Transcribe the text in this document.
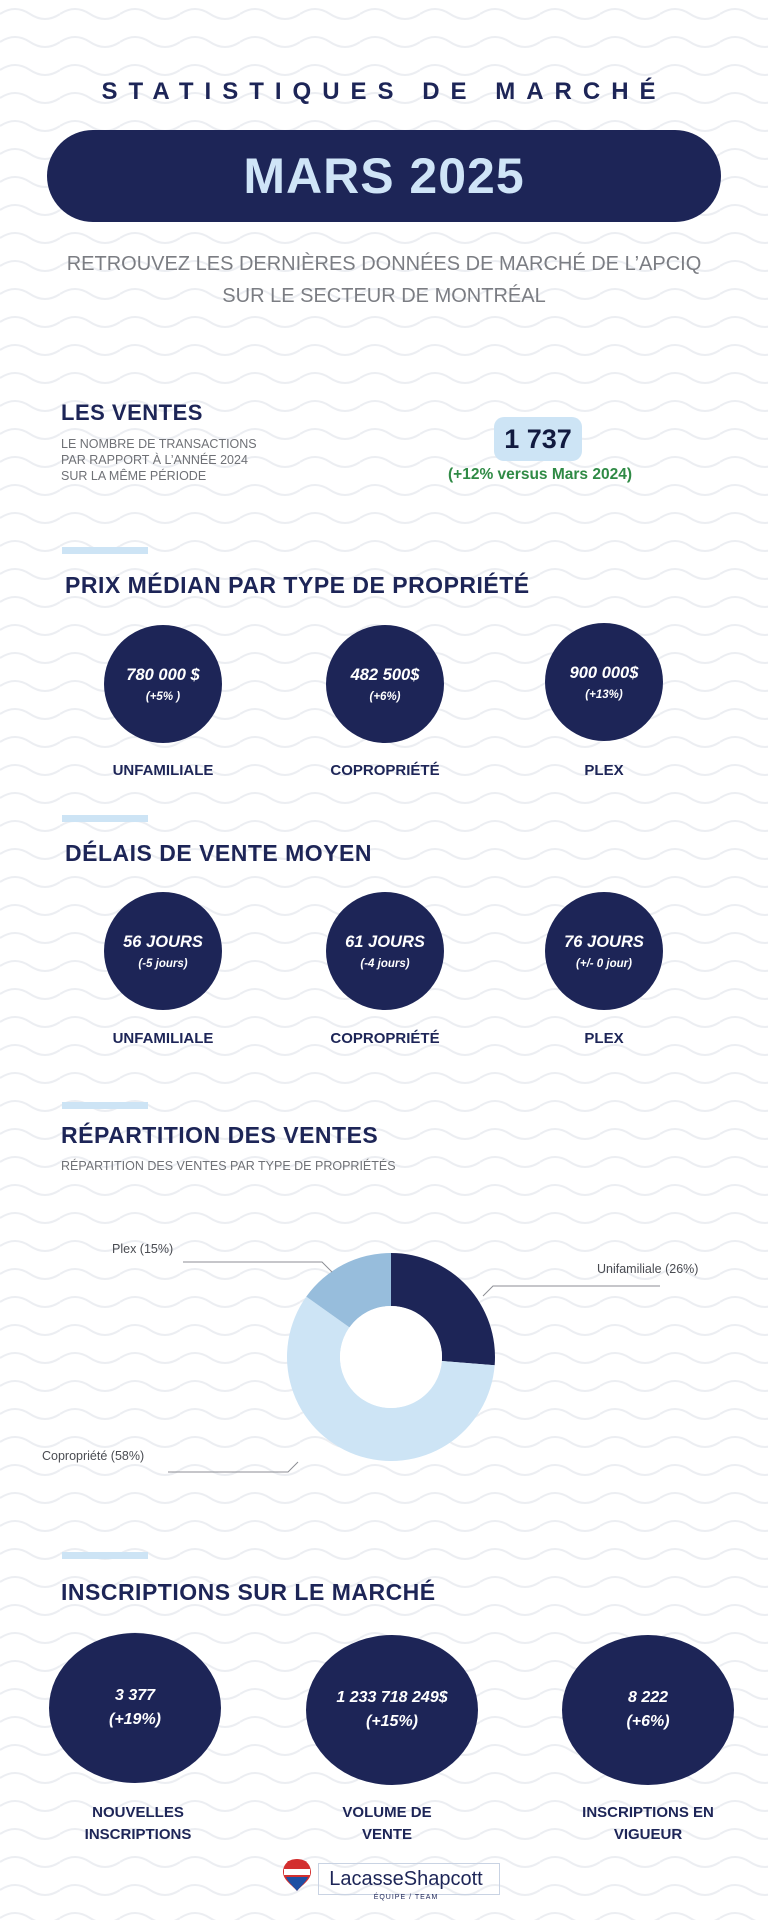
STATISTIQUES DE MARCHÉ
MARS 2025
RETROUVEZ LES DERNIÈRES DONNÉES DE MARCHÉ DE L’APCIQ
SUR LE SECTEUR DE MONTRÉAL
LES VENTES
LE NOMBRE DE TRANSACTIONS
PAR RAPPORT À L’ANNÉE 2024
SUR LA MÊME PÉRIODE
1 737
(+12% versus Mars 2024)
PRIX MÉDIAN PAR TYPE DE PROPRIÉTÉ
780 000 $
(+5% )
482 500$
(+6%)
900 000$
(+13%)
UNFAMILIALE	COPROPRIÉTÉ	PLEX
DÉLAIS DE VENTE MOYEN
56 JOURS
(-5 jours)
61 JOURS
(-4 jours)
76 JOURS
(+/- 0 jour)
UNFAMILIALE	COPROPRIÉTÉ	PLEX
RÉPARTITION DES VENTES
RÉPARTITION DES VENTES PAR TYPE DE PROPRIÉTÉS
Plex (15%)
Unifamiliale (26%)
Copropriété (58%)
INSCRIPTIONS SUR LE MARCHÉ
3 377
(+19%)
1 233 718 249$
(+15%)
8 222
(+6%)
NOUVELLES
INSCRIPTIONS
VOLUME DE
VENTE
INSCRIPTIONS EN
VIGUEUR
RE/MAX
LacasseShapcott
ÉQUIPE / TEAM
